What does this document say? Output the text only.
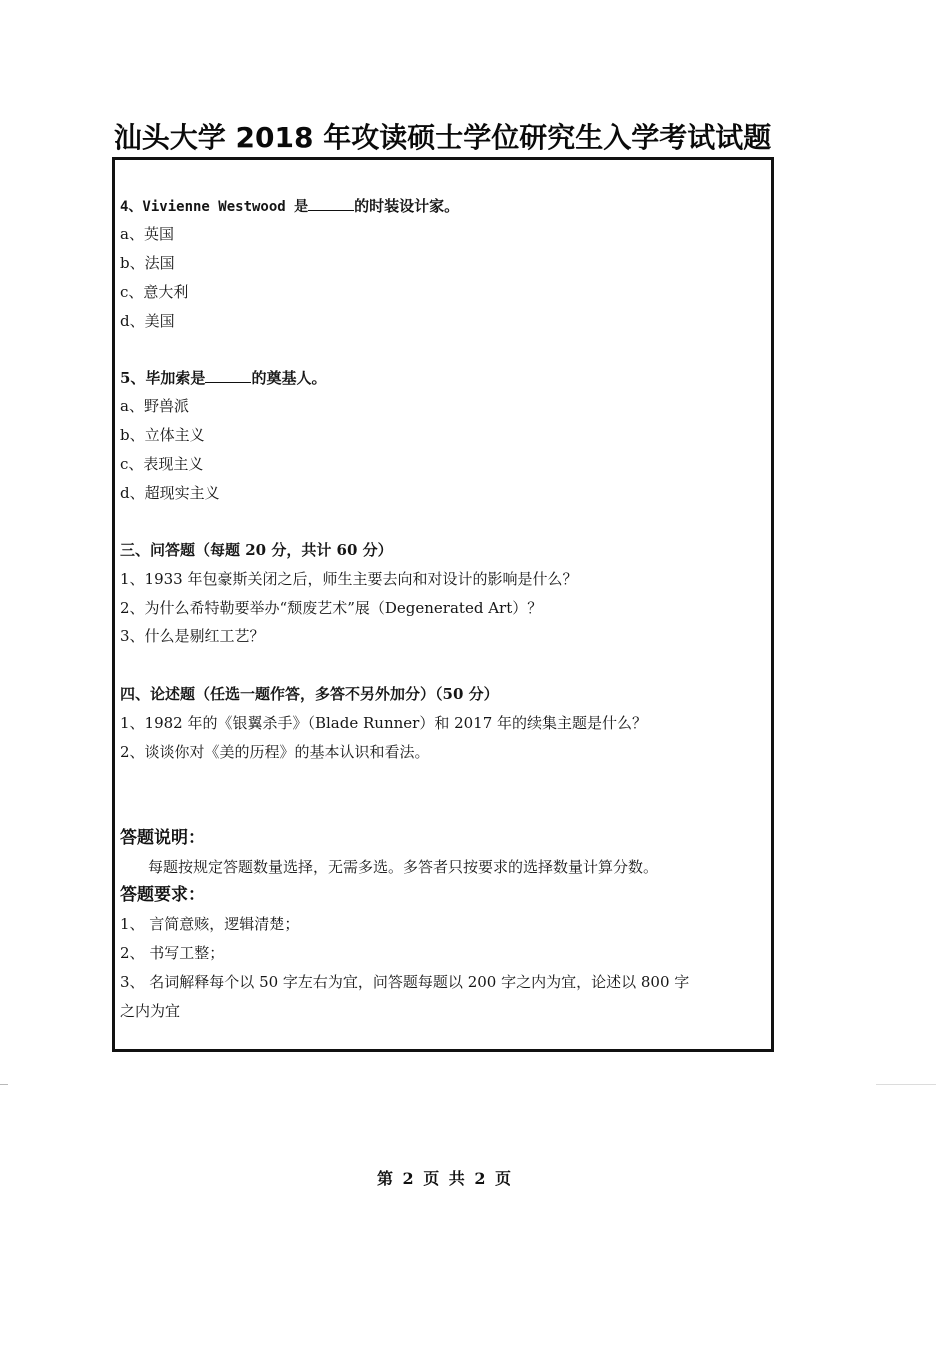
汕头大学 2018 年攻读硕士学位研究生入学考试试题
4、Vivienne Westwood 是	的时装设计家。
a、英国
b、法国
c、意大利
d、美国
5、毕加索是	的奠基人。
a、野兽派
b、立体主义
c、表现主义
d、超现实主义
三、问答题（每题 20 分，共计 60 分）
1、1933 年包豪斯关闭之后，师生主要去向和对设计的影响是什么？
2、为什么希特勒要举办“颓废艺术”展（Degenerated Art）？
3、什么是剔红工艺？
四、论述题（任选一题作答，多答不另外加分）（50 分）
1、1982 年的《银翼杀手》（Blade Runner）和 2017 年的续集主题是什么？
2、谈谈你对《美的历程》的基本认识和看法。
答题说明：
每题按规定答题数量选择，无需多选。多答者只按要求的选择数量计算分数。
答题要求：
1、 言简意赅，逻辑清楚；
2、 书写工整；
3、 名词解释每个以 50 字左右为宜，问答题每题以 200 字之内为宜，论述以 800 字
之内为宜
第 2 页 共 2 页
